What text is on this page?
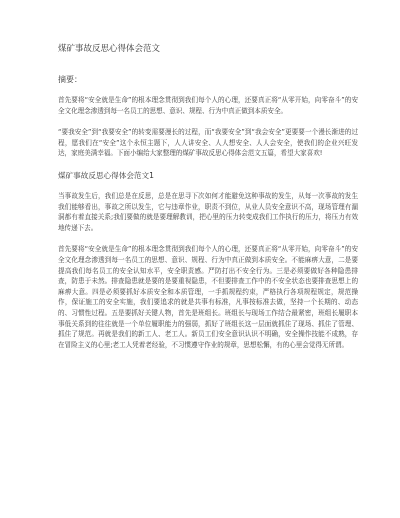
煤矿事故反思心得体会范文
摘要：
首先要将“安全就是生命”的根本理念贯彻到我们每个人的心理，还要真正将“从零开始，向零奋斗”的安全文化理念渗透到每一名员工的思想、意识、规程、行为中真正做到本质安全。
“要我安全”到“我要安全”的转变需要漫长的过程，而“我要安全”到“我会安全”更要要一个漫长渐进的过程，愿我们在“安全”这个永恒主题下，人人讲安全、人人想安全、人人会安全，使我们的企业兴旺发达，家庭美满幸福。下面小编给大家整理的煤矿事故反思心得体会范文五篇，希望大家喜欢!
煤矿事故反思心得体会范文1
当事故发生后，我们总是在反思，总是在思寻下次如何才能避免这种事故的发生，从每一次事故的发生我们能够看出，事故之所以发生，它与违章作业，职责不到位，从业人员安全意识不高，现场管理有漏洞都有着直接关系;我们要做的就是要理解教训，把心里的压力转变成我们工作执行的压力，将压力有效地传递下去。
首先要将“安全就是生命”的根本理念贯彻到我们每个人的心理，还要真正将“从零开始，向零奋斗”的安全文化理念渗透到每一名员工的思想、意识、规程、行为中真正做到本质安全。不能麻痹大意，二是要提高我们每名员工的安全认知水平，安全职责感。严防打出不安全行为。三是必须要做好各种隐患排查，防患于未然。排查隐患就是要的是要重视隐患，不但要排查工作中的不安全状态也要排查思想上的麻痹大意。四是必须要抓好本质安全和本质管理，一手抓规程约束，严格执行各项规程规定，规范操作，保证施工的安全实施，我们要追求的就是共事有标准，凡事按标准去做，坚持一个长期的、动态的、习惯性过程。五是要抓好关键人物，首先是班组长。班组长与现场工作结合最紧密，班组长履职本事低关系到的往往就是一个单位履职能力的强弱，抓好了班组长这一层面就抓住了现场、抓住了管理、抓住了规范。再就是我们的新工人、老工人。新员工们安全意识认识不明确，安全操作技能不成熟，存在冒险主义的心里;老工人凭着老经验，不习惯遵守作业的规章，思想松懈，有的心里会觉得无所谓。
